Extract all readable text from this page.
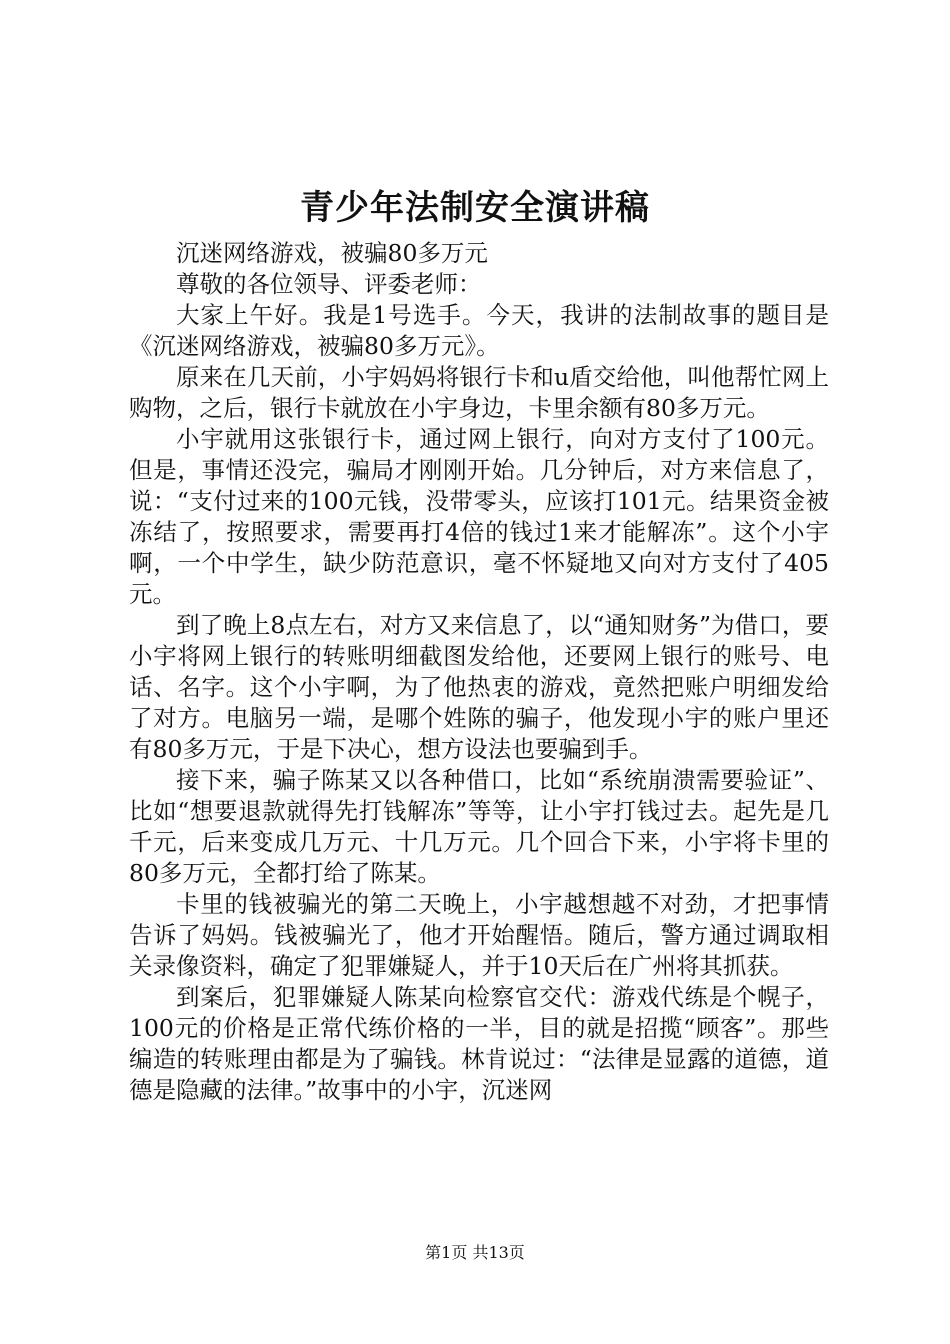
青少年法制安全演讲稿

沉迷网络游戏，被骗80多万元

尊敬的各位领导、评委老师：

大家上午好。我是1号选手。今天，我讲的法制故事的题目是《沉迷网络游戏，被骗80多万元》。

原来在几天前，小宇妈妈将银行卡和u盾交给他，叫他帮忙网上购物，之后，银行卡就放在小宇身边，卡里余额有80多万元。

小宇就用这张银行卡，通过网上银行，向对方支付了100元。但是，事情还没完，骗局才刚刚开始。几分钟后，对方来信息了，说：“支付过来的100元钱，没带零头，应该打101元。结果资金被冻结了，按照要求，需要再打4倍的钱过1来才能解冻”。这个小宇啊，一个中学生，缺少防范意识，毫不怀疑地又向对方支付了405元。

到了晚上8点左右，对方又来信息了，以“通知财务”为借口，要小宇将网上银行的转账明细截图发给他，还要网上银行的账号、电话、名字。这个小宇啊，为了他热衷的游戏，竟然把账户明细发给了对方。电脑另一端，是哪个姓陈的骗子，他发现小宇的账户里还有80多万元，于是下决心，想方设法也要骗到手。

接下来，骗子陈某又以各种借口，比如“系统崩溃需要验证”、比如“想要退款就得先打钱解冻”等等，让小宇打钱过去。起先是几千元，后来变成几万元、十几万元。几个回合下来，小宇将卡里的80多万元，全都打给了陈某。

卡里的钱被骗光的第二天晚上，小宇越想越不对劲，才把事情告诉了妈妈。钱被骗光了，他才开始醒悟。随后，警方通过调取相关录像资料，确定了犯罪嫌疑人，并于10天后在广州将其抓获。

到案后，犯罪嫌疑人陈某向检察官交代：游戏代练是个幌子，100元的价格是正常代练价格的一半，目的就是招揽“顾客”。那些编造的转账理由都是为了骗钱。林肯说过：“法律是显露的道德，道德是隐藏的法律。”故事中的小宇，沉迷网

第1页 共13页
